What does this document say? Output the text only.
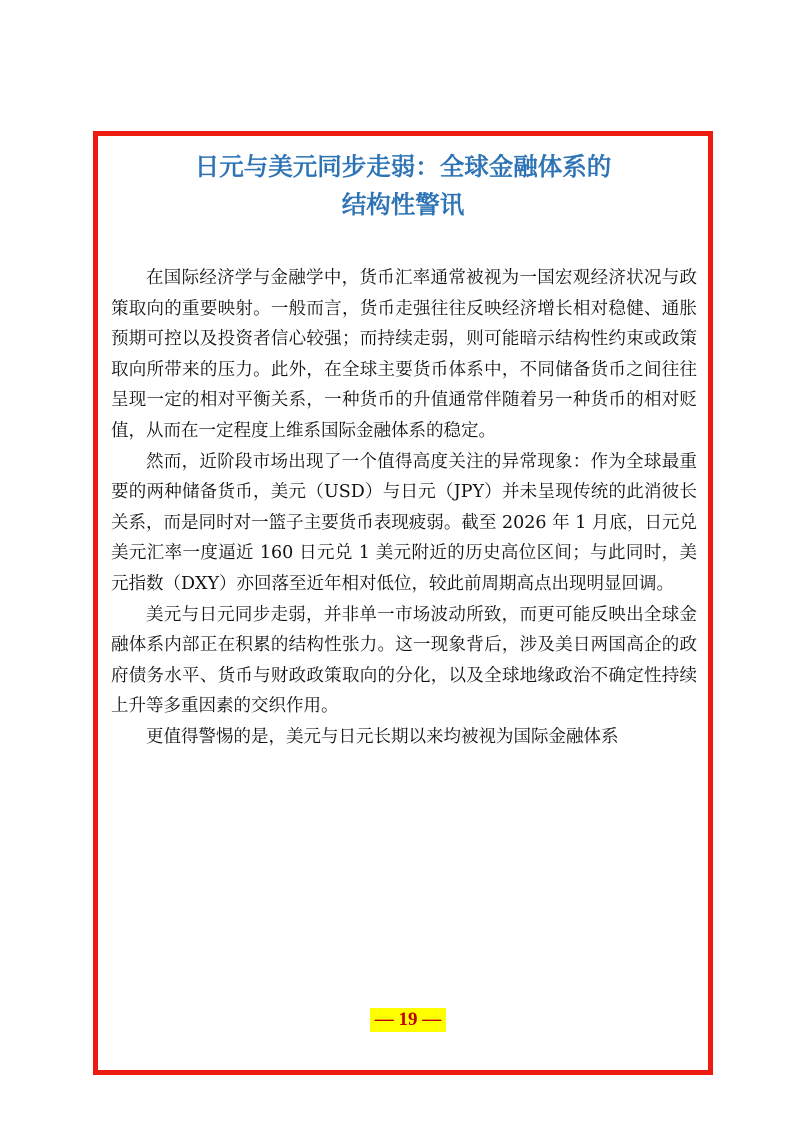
日元与美元同步走弱：全球金融体系的
结构性警讯

在国际经济学与金融学中，货币汇率通常被视为一国宏观经济状况与政策取向的重要映射。一般而言，货币走强往往反映经济增长相对稳健、通胀预期可控以及投资者信心较强；而持续走弱，则可能暗示结构性约束或政策取向所带来的压力。此外，在全球主要货币体系中，不同储备货币之间往往呈现一定的相对平衡关系，一种货币的升值通常伴随着另一种货币的相对贬值，从而在一定程度上维系国际金融体系的稳定。

然而，近阶段市场出现了一个值得高度关注的异常现象：作为全球最重要的两种储备货币，美元（USD）与日元（JPY）并未呈现传统的此消彼长关系，而是同时对一篮子主要货币表现疲弱。截至 2026 年 1 月底，日元兑美元汇率一度逼近 160 日元兑 1 美元附近的历史高位区间；与此同时，美元指数（DXY）亦回落至近年相对低位，较此前周期高点出现明显回调。

美元与日元同步走弱，并非单一市场波动所致，而更可能反映出全球金融体系内部正在积累的结构性张力。这一现象背后，涉及美日两国高企的政府债务水平、货币与财政政策取向的分化，以及全球地缘政治不确定性持续上升等多重因素的交织作用。

更值得警惕的是，美元与日元长期以来均被视为国际金融体系

— 19 —
